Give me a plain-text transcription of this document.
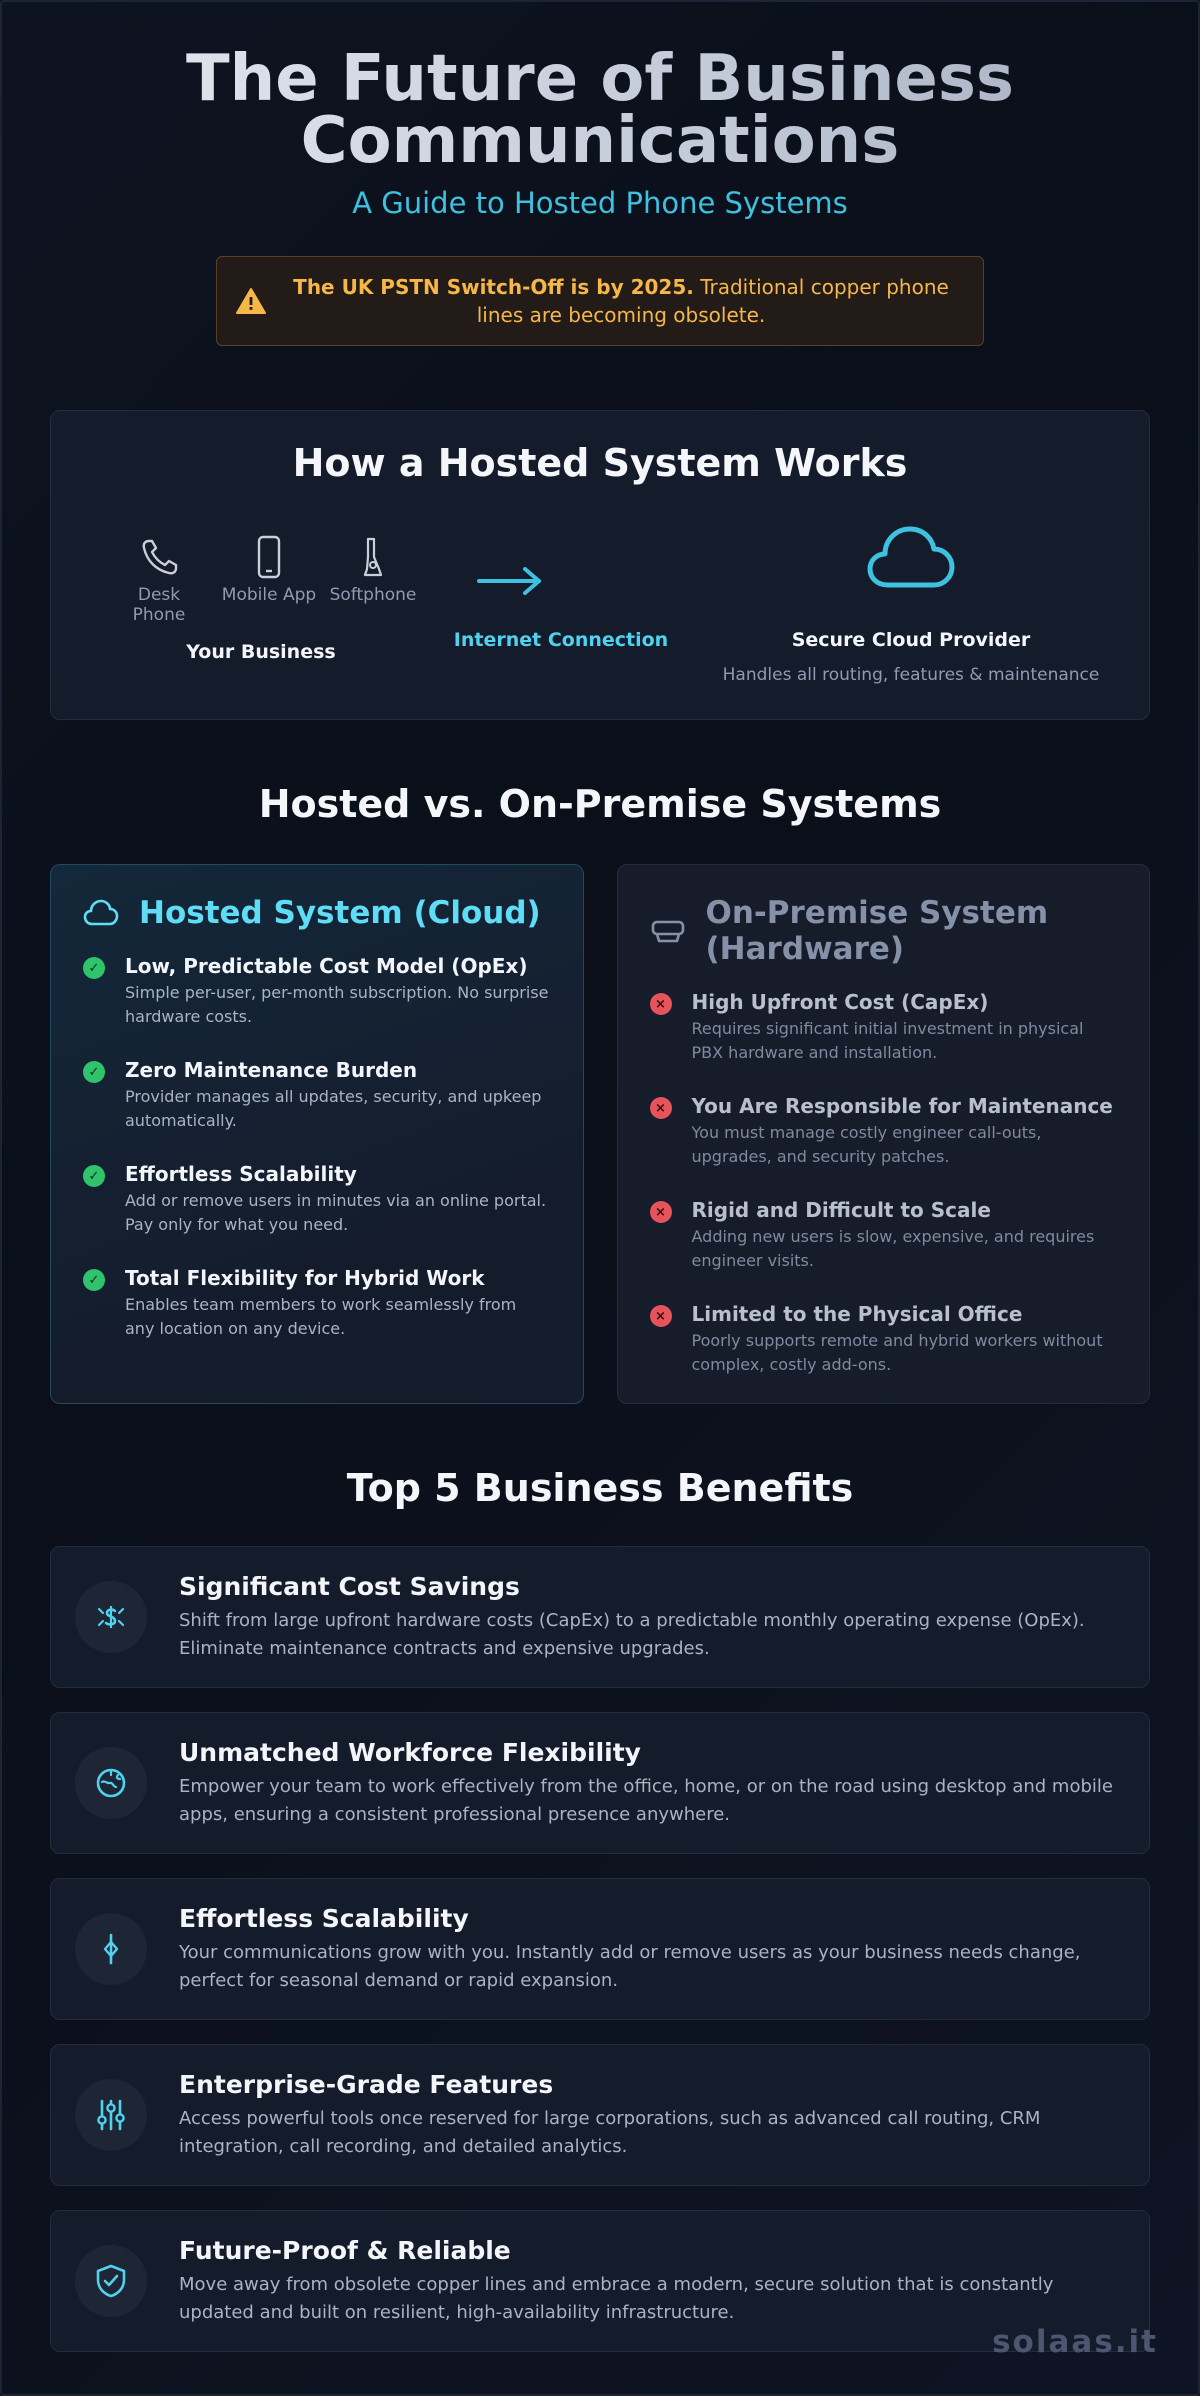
The Future of Business
Communications
A Guide to Hosted Phone Systems
The UK PSTN Switch-Off is by 2025. Traditional copper phone lines are becoming obsolete.
How a Hosted System Works
Desk Phone
Mobile App Softphone
Your Business
Internet Connection	Secure Cloud Provider
Handles all routing, features & maintenance
Hosted vs. On-Premise Systems
Hosted System (Cloud)
✓ Low, Predictable Cost Model (OpEx)
Simple per-user, per-month subscription. No surprise hardware costs.
✓ Zero Maintenance Burden
Provider manages all updates, security, and upkeep automatically.
✓ Effortless Scalability
Add or remove users in minutes via an online portal. Pay only for what you need.
✓ Total Flexibility for Hybrid Work
Enables team members to work seamlessly from any location on any device.
On-Premise System
(Hardware)
× High Upfront Cost (CapEx)
Requires significant initial investment in physical PBX hardware and installation.
× You Are Responsible for Maintenance
You must manage costly engineer call-outs, upgrades, and security patches.
× Rigid and Difficult to Scale
Adding new users is slow, expensive, and requires engineer visits.
× Limited to the Physical Office
Poorly supports remote and hybrid workers without complex, costly add-ons.
Top 5 Business Benefits
Significant Cost Savings
Shift from large upfront hardware costs (CapEx) to a predictable monthly operating expense (OpEx).
Eliminate maintenance contracts and expensive upgrades.
Unmatched Workforce Flexibility
Empower your team to work effectively from the office, home, or on the road using desktop and mobile
apps, ensuring a consistent professional presence anywhere.
Effortless Scalability
Your communications grow with you. Instantly add or remove users as your business needs change,
perfect for seasonal demand or rapid expansion.
Enterprise-Grade Features
Access powerful tools once reserved for large corporations, such as advanced call routing, CRM
integration, call recording, and detailed analytics.
Future-Proof & Reliable
Move away from obsolete copper lines and embrace a modern, secure solution that is constantly
updated and built on resilient, high-availability infrastructure.
solaas.it
